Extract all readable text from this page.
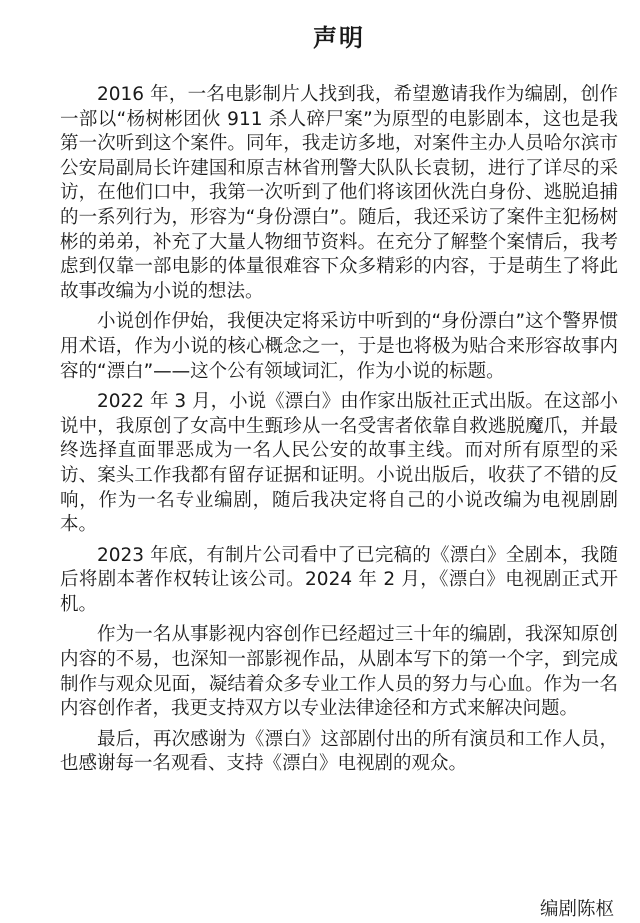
声明

2016 年，一名电影制片人找到我，希望邀请我作为编剧，创作一部以“杨树彬团伙 911 杀人碎尸案”为原型的电影剧本，这也是我第一次听到这个案件。同年，我走访多地，对案件主办人员哈尔滨市公安局副局长许建国和原吉林省刑警大队队长袁韧，进行了详尽的采访，在他们口中，我第一次听到了他们将该团伙洗白身份、逃脱追捕的一系列行为，形容为“身份漂白”。随后，我还采访了案件主犯杨树彬的弟弟，补充了大量人物细节资料。在充分了解整个案情后，我考虑到仅靠一部电影的体量很难容下众多精彩的内容，于是萌生了将此故事改编为小说的想法。

小说创作伊始，我便决定将采访中听到的“身份漂白”这个警界惯用术语，作为小说的核心概念之一，于是也将极为贴合来形容故事内容的“漂白”——这个公有领域词汇，作为小说的标题。

2022 年 3 月，小说《漂白》由作家出版社正式出版。在这部小说中，我原创了女高中生甄珍从一名受害者依靠自救逃脱魔爪，并最终选择直面罪恶成为一名人民公安的故事主线。而对所有原型的采访、案头工作我都有留存证据和证明。小说出版后，收获了不错的反响，作为一名专业编剧，随后我决定将自己的小说改编为电视剧剧本。

2023 年底，有制片公司看中了已完稿的《漂白》全剧本，我随后将剧本著作权转让该公司。2024 年 2 月，《漂白》电视剧正式开机。

作为一名从事影视内容创作已经超过三十年的编剧，我深知原创内容的不易，也深知一部影视作品，从剧本写下的第一个字，到完成制作与观众见面，凝结着众多专业工作人员的努力与心血。作为一名内容创作者，我更支持双方以专业法律途径和方式来解决问题。

最后，再次感谢为《漂白》这部剧付出的所有演员和工作人员，也感谢每一名观看、支持《漂白》电视剧的观众。

编剧陈枢
